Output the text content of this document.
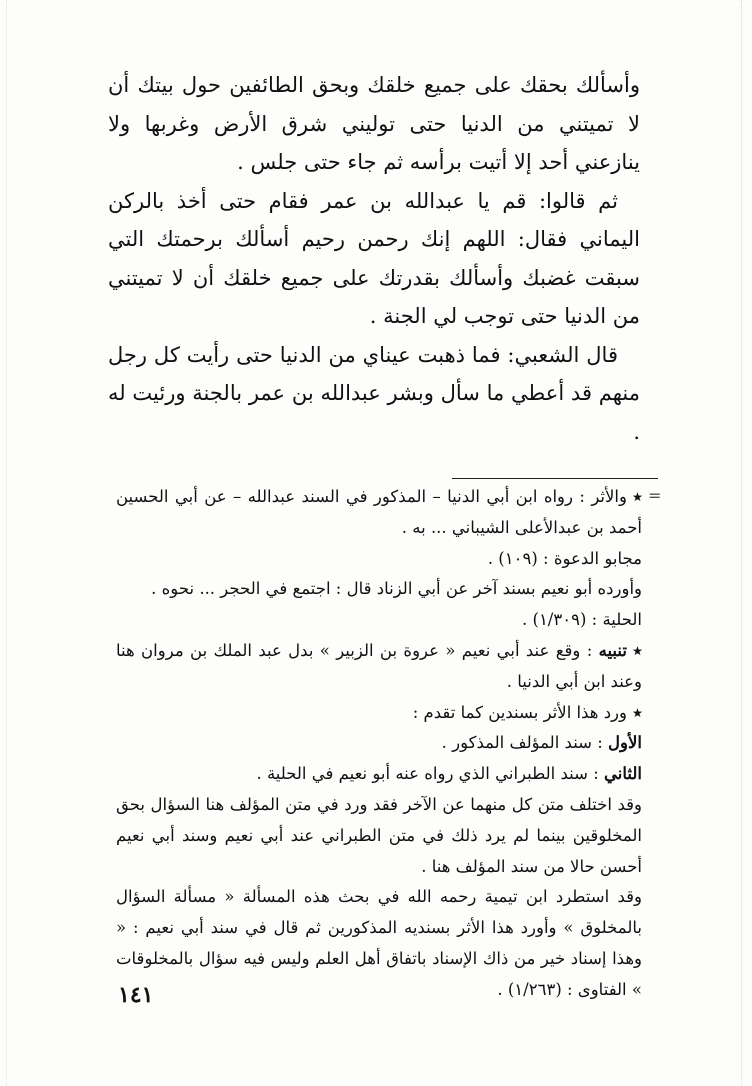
وأسألك بحقك على جميع خلقك وبحق الطائفين حول بيتك أن لا تميتني من الدنيا حتى توليني شرق الأرض وغربها ولا ينازعني أحد إلا أتيت برأسه ثم جاء حتى جلس .

ثم قالوا: قم يا عبدالله بن عمر فقام حتى أخذ بالركن اليماني فقال: اللهم إنك رحمن رحيم أسألك برحمتك التي سبقت غضبك وأسألك بقدرتك على جميع خلقك أن لا تميتني من الدنيا حتى توجب لي الجنة .

قال الشعبي: فما ذهبت عيناي من الدنيا حتى رأيت كل رجل منهم قد أعطي ما سأل وبشر عبدالله بن عمر بالجنة ورئيت له .

=

٭والأثر : رواه ابن أبي الدنيا – المذكور في السند عبدالله – عن أبي الحسين أحمد بن عبدالأعلى الشيباني ... به .

مجابو الدعوة : (١٠٩) .

وأورده أبو نعيم بسند آخر عن أبي الزناد قال : اجتمع في الحجر ... نحوه .

الحلية : (١/٣٠٩) .

٭تنبيه : وقع عند أبي نعيم « عروة بن الزبير » بدل عبد الملك بن مروان هنا وعند ابن أبي الدنيا .

٭ورد هذا الأثر بسندين كما تقدم :

الأول : سند المؤلف المذكور .

الثاني : سند الطبراني الذي رواه عنه أبو نعيم في الحلية .

وقد اختلف متن كل منهما عن الآخر فقد ورد في متن المؤلف هنا السؤال بحق المخلوقين بينما لم يرد ذلك في متن الطبراني عند أبي نعيم وسند أبي نعيم أحسن حالا من سند المؤلف هنا .

وقد استطرد ابن تيمية رحمه الله في بحث هذه المسألة « مسألة السؤال بالمخلوق » وأورد هذا الأثر بسنديه المذكورين ثم قال في سند أبي نعيم : « وهذا إسناد خير من ذاك الإسناد باتفاق أهل العلم وليس فيه سؤال بالمخلوقات » الفتاوى : (١/٢٦٣) .

١٤١
